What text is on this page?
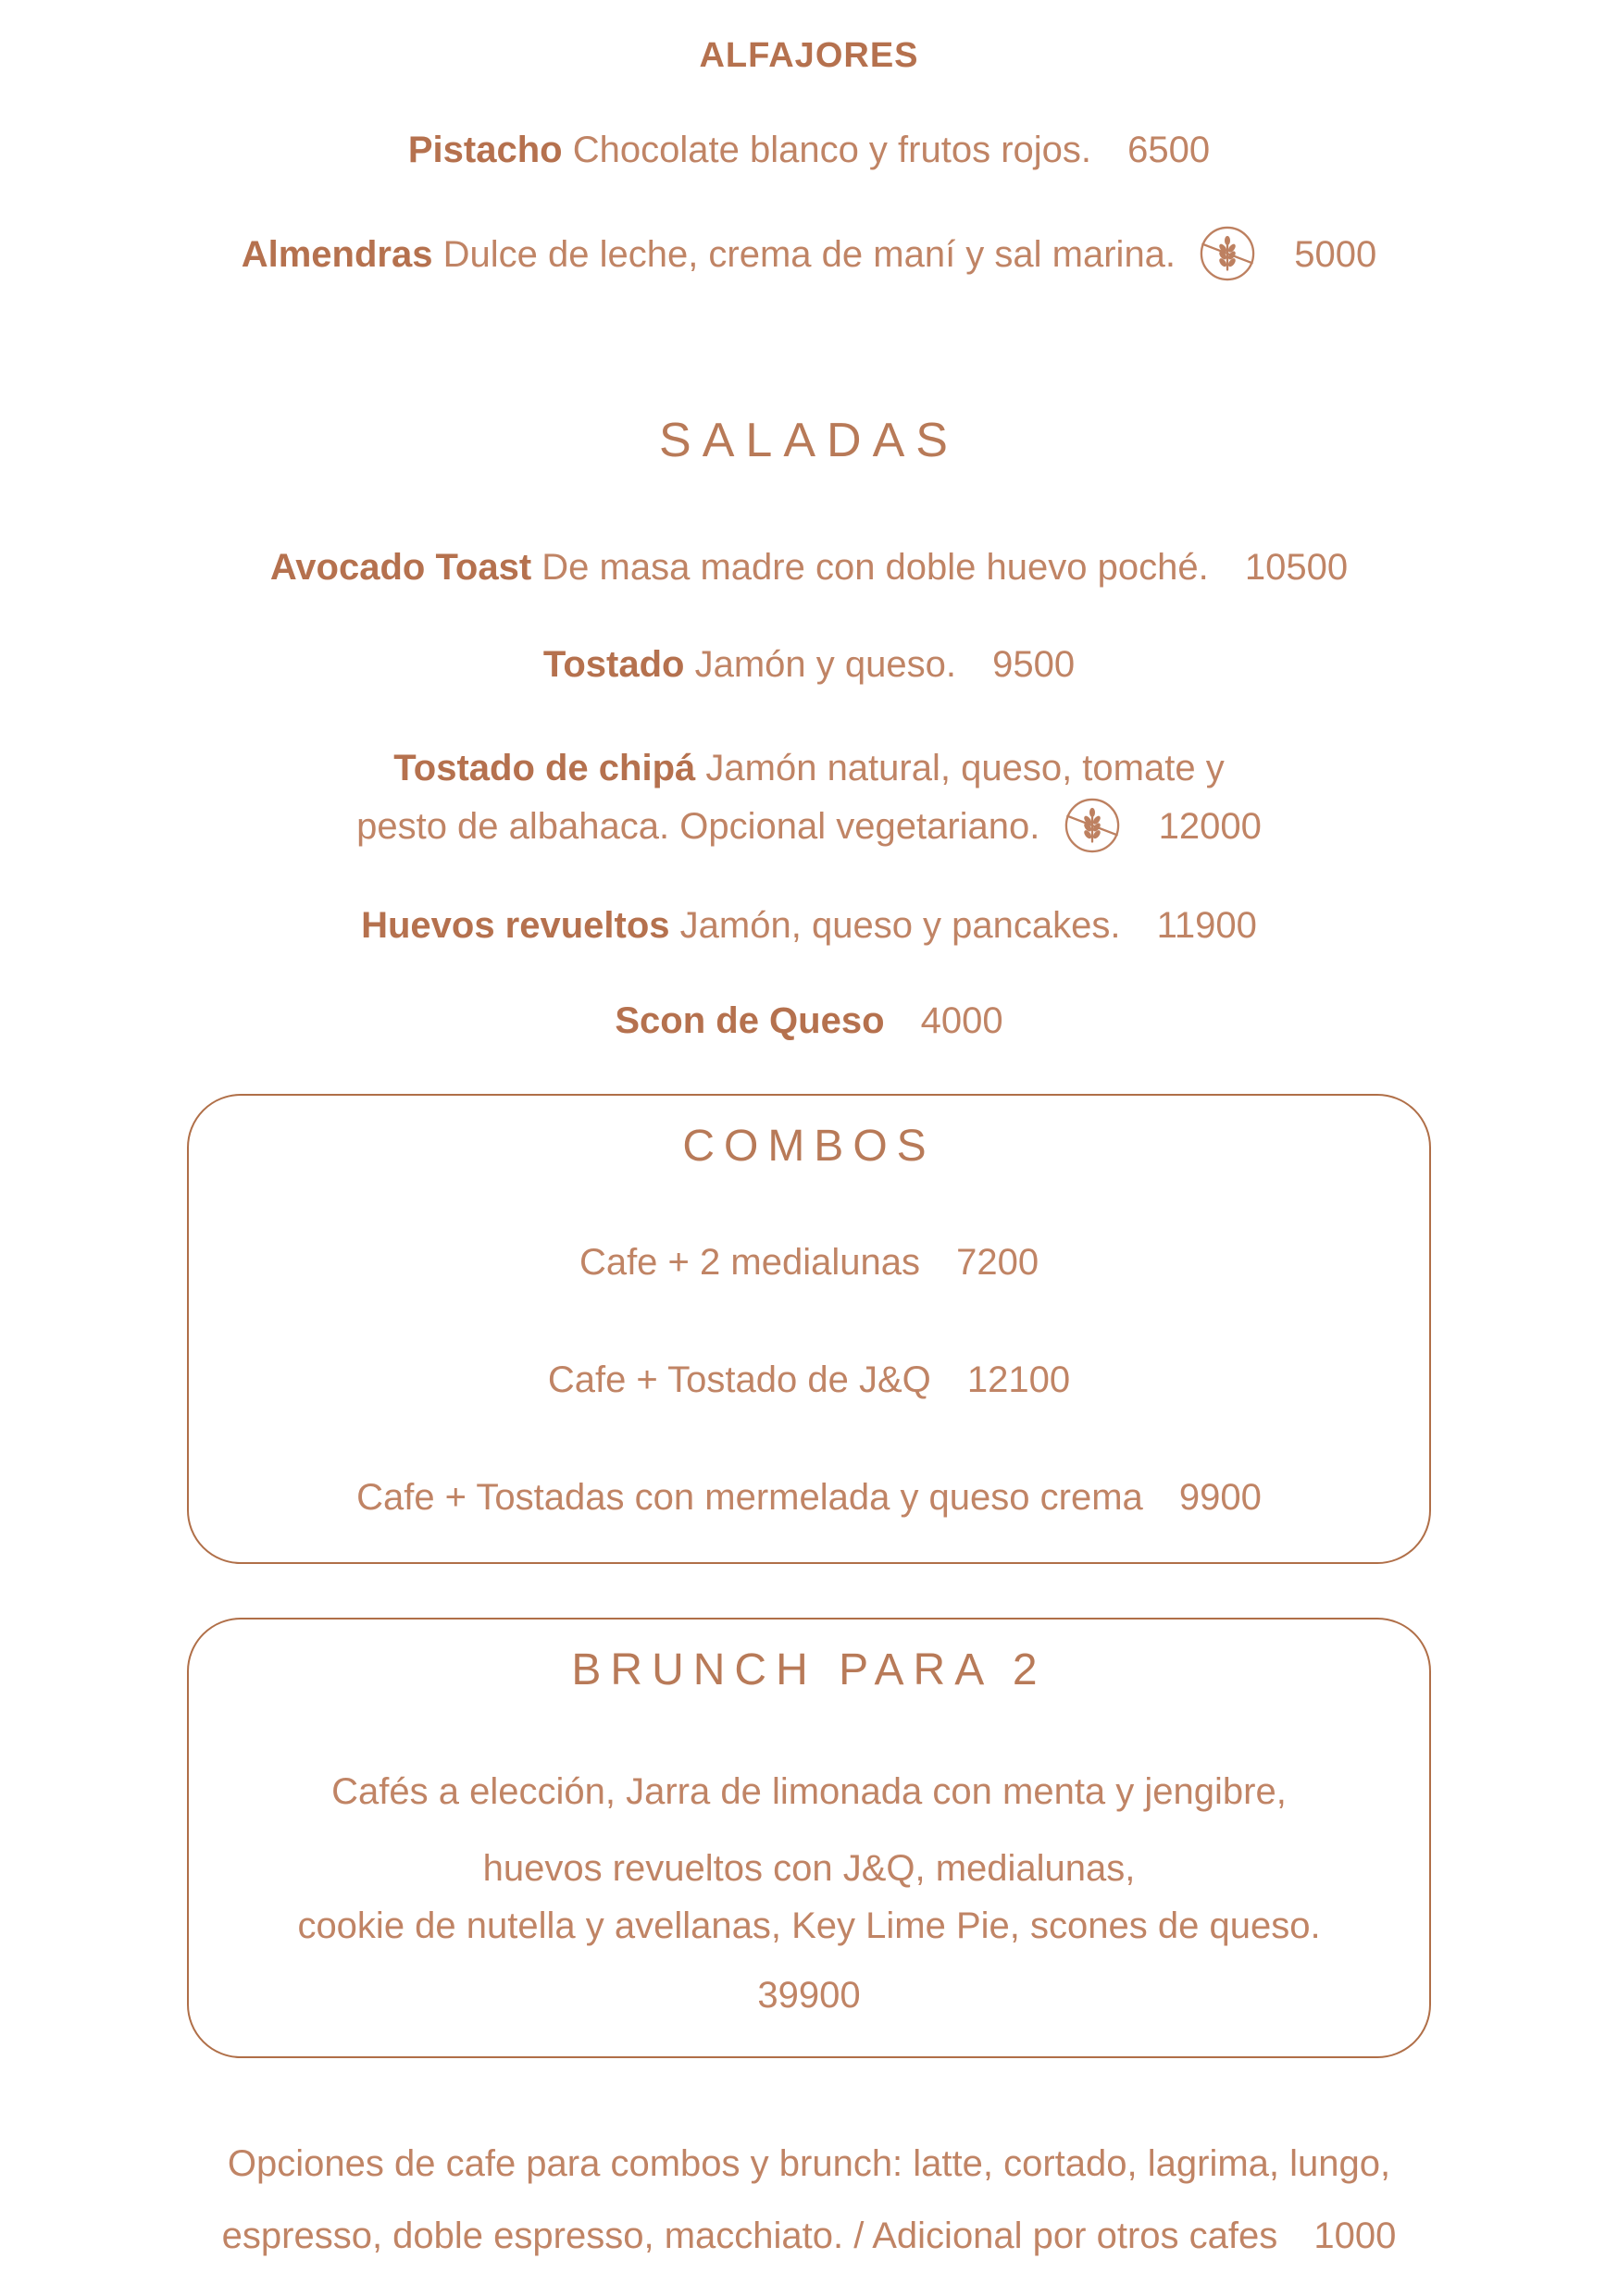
ALFAJORES

Pistacho Chocolate blanco y frutos rojos. 6500

Almendras Dulce de leche, crema de maní y sal marina.	5000

SALADAS

Avocado Toast De masa madre con doble huevo poché. 10500

Tostado Jamón y queso. 9500

Tostado de chipá Jamón natural, queso, tomate y
pesto de albahaca. Opcional vegetariano.	12000

Huevos revueltos Jamón, queso y pancakes. 11900

Scon de Queso 4000

COMBOS

Cafe + 2 medialunas 7200

Cafe + Tostado de J&Q 12100

Cafe + Tostadas con mermelada y queso crema 9900

BRUNCH PARA 2

Cafés a elección, Jarra de limonada con menta y jengibre,

huevos revueltos con J&Q, medialunas,

cookie de nutella y avellanas, Key Lime Pie, scones de queso.

39900

Opciones de cafe para combos y brunch: latte, cortado, lagrima, lungo,

espresso, doble espresso, macchiato. / Adicional por otros cafes 1000
